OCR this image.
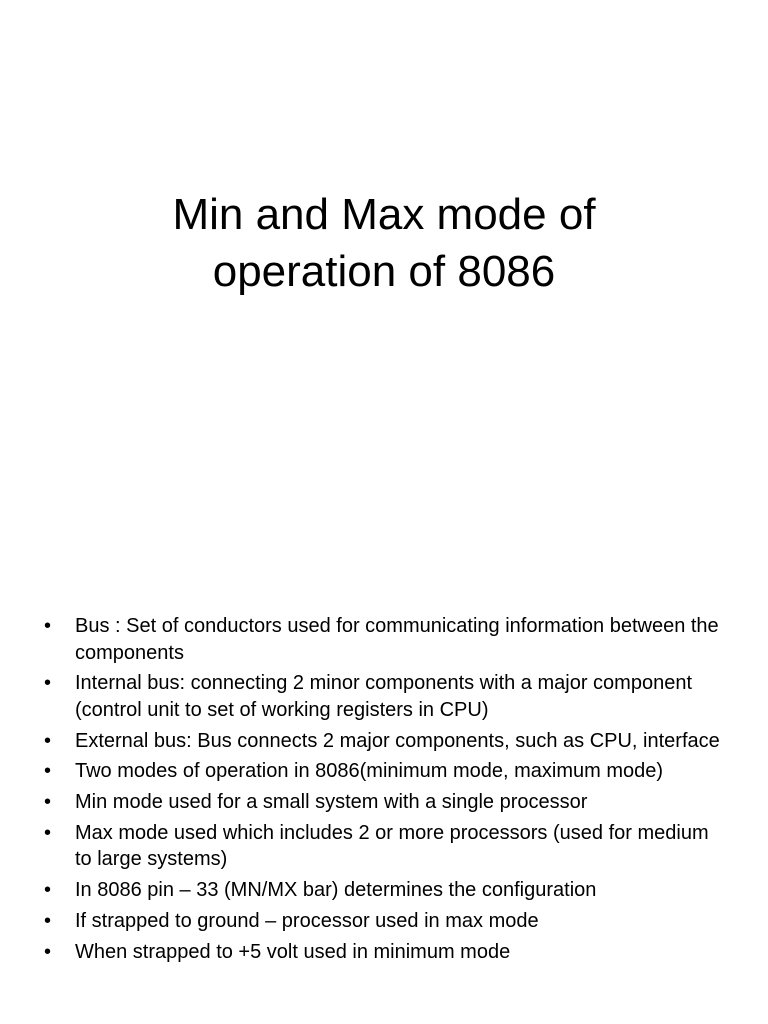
Min and Max mode of
operation of 8086
• Bus : Set of conductors used for communicating information between the components
• Internal bus: connecting 2 minor components with a major component (control unit to set of working registers in CPU)
• External bus: Bus connects 2 major components, such as CPU, interface
• Two modes of operation in 8086(minimum mode, maximum mode)
• Min mode used for a small system with a single processor
• Max mode used which includes 2 or more processors (used for medium to large systems)
• In 8086 pin – 33 (MN/MX bar) determines the configuration
• If strapped to ground – processor used in max mode
• When strapped to +5 volt used in minimum mode
